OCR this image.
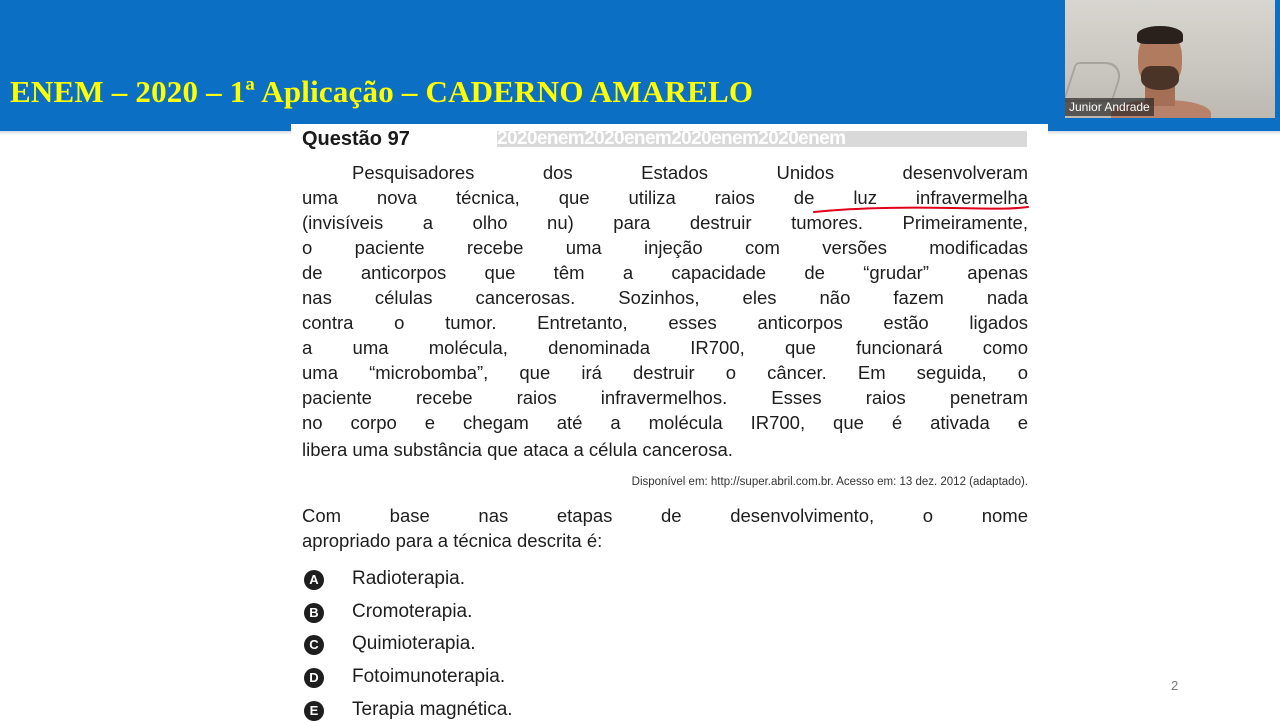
ENEM – 2020 – 1ª Aplicação – CADERNO AMARELO	Junior Andrade
Questão 97	2020enem2020enem2020enem2020enem
Pesquisadores dos Estados Unidos desenvolveram
uma nova técnica, que utiliza raios de luz infravermelha
(invisíveis a olho nu) para destruir tumores. Primeiramente,
o paciente recebe uma injeção com versões modificadas
de anticorpos que têm a capacidade de “grudar” apenas
nas células cancerosas. Sozinhos, eles não fazem nada
contra o tumor. Entretanto, esses anticorpos estão ligados
a uma molécula, denominada IR700, que funcionará como
uma “microbomba”, que irá destruir o câncer. Em seguida, o
paciente recebe raios infravermelhos. Esses raios penetram
no corpo e chegam até a molécula IR700, que é ativada e
libera uma substância que ataca a célula cancerosa.
Disponível em: http://super.abril.com.br. Acesso em: 13 dez. 2012 (adaptado).
Com base nas etapas de desenvolvimento, o nome
apropriado para a técnica descrita é:
A Radioterapia.
B Cromoterapia.
C Quimioterapia.
D Fotoimunoterapia.
E Terapia magnética.
2
